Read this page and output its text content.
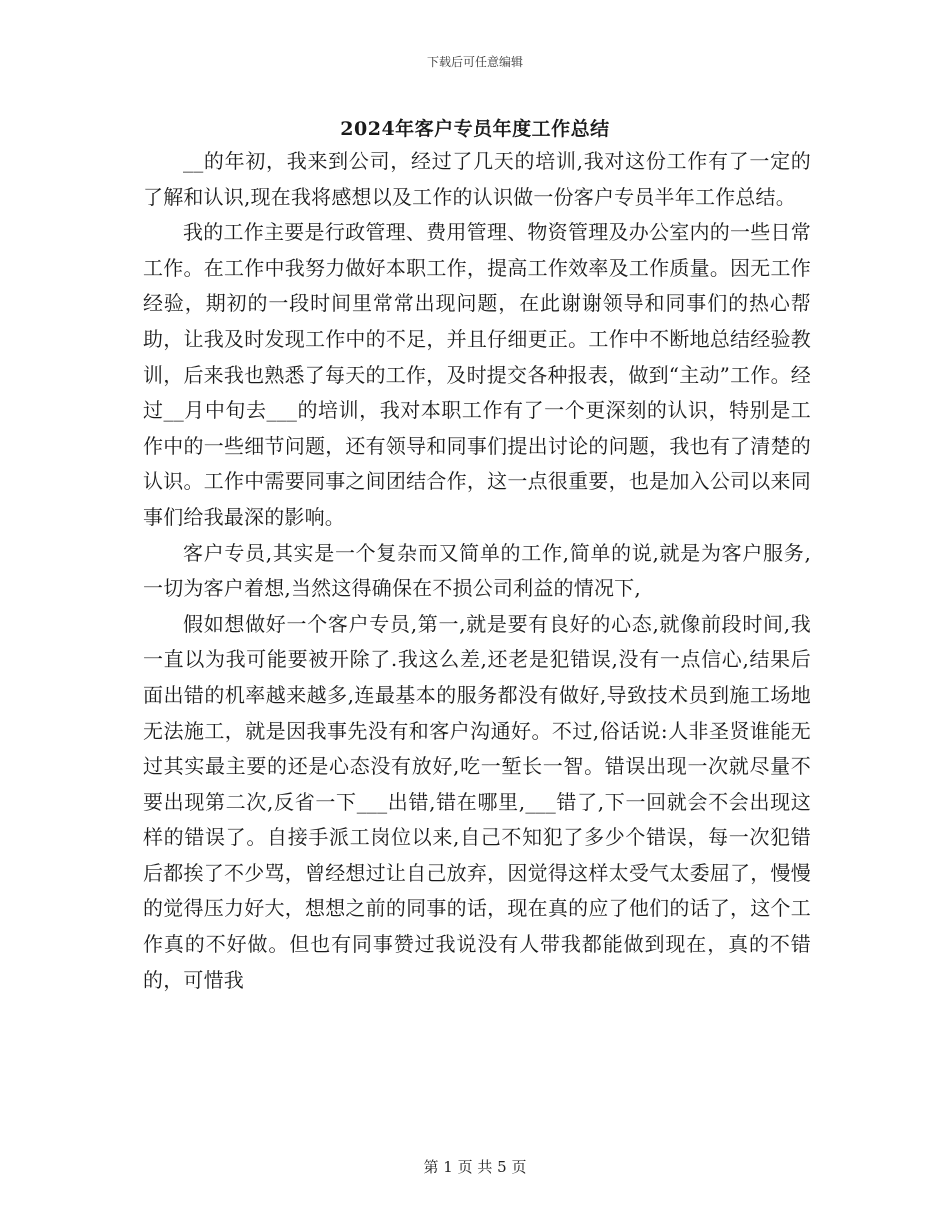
下载后可任意编辑
2024年客户专员年度工作总结

__的年初，我来到公司，经过了几天的培训,我对这份工作有了一定的了解和认识,现在我将感想以及工作的认识做一份客户专员半年工作总结。

我的工作主要是行政管理、费用管理、物资管理及办公室内的一些日常工作。在工作中我努力做好本职工作，提高工作效率及工作质量。因无工作经验，期初的一段时间里常常出现问题，在此谢谢领导和同事们的热心帮助，让我及时发现工作中的不足，并且仔细更正。工作中不断地总结经验教训，后来我也熟悉了每天的工作，及时提交各种报表，做到“主动”工作。经过__月中旬去___的培训，我对本职工作有了一个更深刻的认识，特别是工作中的一些细节问题，还有领导和同事们提出讨论的问题，我也有了清楚的认识。工作中需要同事之间团结合作，这一点很重要，也是加入公司以来同事们给我最深的影响。

客户专员,其实是一个复杂而又简单的工作,简单的说,就是为客户服务,一切为客户着想,当然这得确保在不损公司利益的情况下,

假如想做好一个客户专员,第一,就是要有良好的心态,就像前段时间,我一直以为我可能要被开除了.我这么差,还老是犯错误,没有一点信心,结果后面出错的机率越来越多,连最基本的服务都没有做好,导致技术员到施工场地无法施工，就是因我事先没有和客户沟通好。不过,俗话说:人非圣贤谁能无过其实最主要的还是心态没有放好,吃一堑长一智。错误出现一次就尽量不要出现第二次,反省一下___出错,错在哪里,___错了,下一回就会不会出现这样的错误了。自接手派工岗位以来,自己不知犯了多少个错误，每一次犯错后都挨了不少骂，曾经想过让自己放弃，因觉得这样太受气太委屈了，慢慢的觉得压力好大，想想之前的同事的话，现在真的应了他们的话了，这个工作真的不好做。但也有同事赞过我说没有人带我都能做到现在，真的不错的，可惜我

第 1 页 共 5 页
